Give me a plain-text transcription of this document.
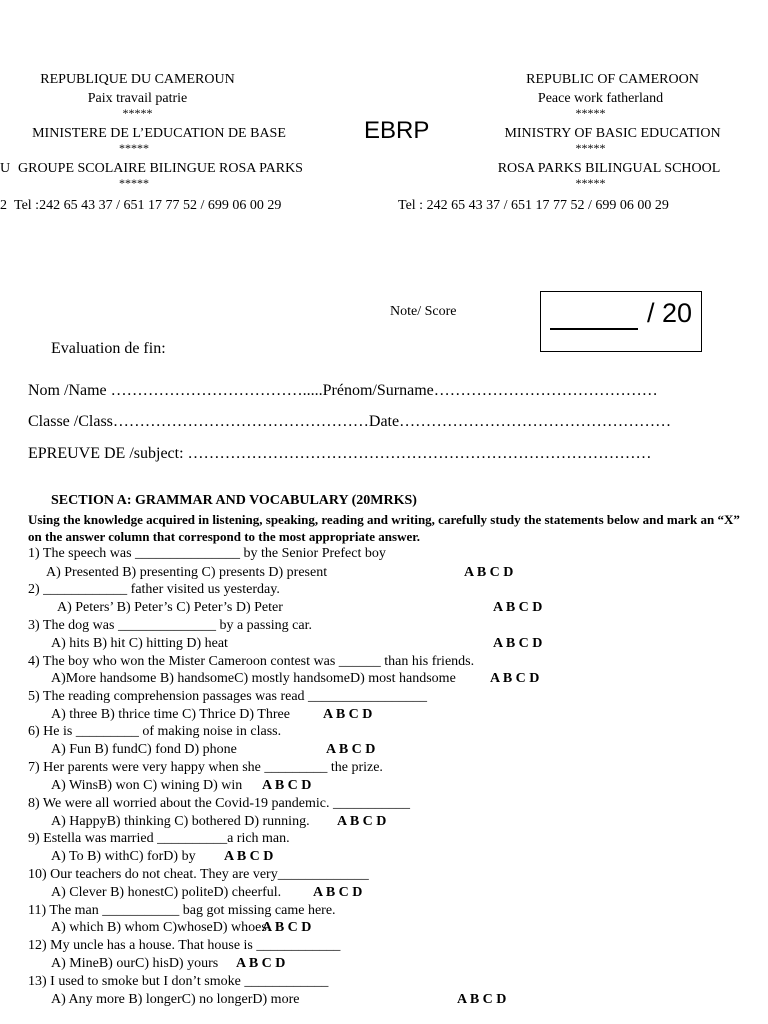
REPUBLIQUE DU CAMEROUN
Paix travail patrie
*****
MINISTERE DE L’EDUCATION DE BASE
*****
U GROUPE SCOLAIRE BILINGUE ROSA PARKS
*****
2 Tel :242 65 43 37 / 651 17 77 52 / 699 06 00 29
EBRP
REPUBLIC OF CAMEROON
Peace work fatherland
*****
MINISTRY OF BASIC EDUCATION
*****
ROSA PARKS BILINGUAL SCHOOL
*****
Tel : 242 65 43 37 / 651 17 77 52 / 699 06 00 29
Note/ Score	/ 20
Evaluation de fin:
Nom /Name ……………………………….....Prénom/Surname……………………………………
Classe /Class…………………………………………Date……………………………………………
EPREUVE DE /subject: ……………………………………………………………………………
SECTION A: GRAMMAR AND VOCABULARY (20MRKS)
Using the knowledge acquired in listening, speaking, reading and writing, carefully study the statements below and mark an “X” on the answer column that correspond to the most appropriate answer.
1) The speech was _______________ by the Senior Prefect boy
A) Presented B) presenting C) presents D) present	A B C D
2) ____________ father visited us yesterday.
A) Peters’ B) Peter’s C) Peter’s D) Peter	A B C D
3) The dog was ______________ by a passing car.
A) hits B) hit C) hitting D) heat	A B C D
4) The boy who won the Mister Cameroon contest was ______ than his friends.
A)More handsome B) handsomeC) mostly handsomeD) most handsome A B C D
5) The reading comprehension passages was read _________________
A) three B) thrice time C) Thrice D) Three A B C D
6) He is _________ of making noise in class.
A) Fun B) fundC) fond D) phone	A B C D
7) Her parents were very happy when she _________ the prize.
A) WinsB) won C) wining D) win A B C D
8) We were all worried about the Covid-19 pandemic. ___________
A) HappyB) thinking C) bothered D) running. A B C D
9) Estella was married __________a rich man.
A) To B) withC) forD) by A B C D
10) Our teachers do not cheat. They are very_____________
A) Clever B) honestC) politeD) cheerful. A B C D
11) The man ___________ bag got missing came here.
A) which B) whom C)whoseD) whoes
A B C D
12) My uncle has a house. That house is ____________
A) MineB) ourC) hisD) yours A B C D
13) I used to smoke but I don’t smoke ____________
A) Any more B) longerC) no longerD) more	A B C D
